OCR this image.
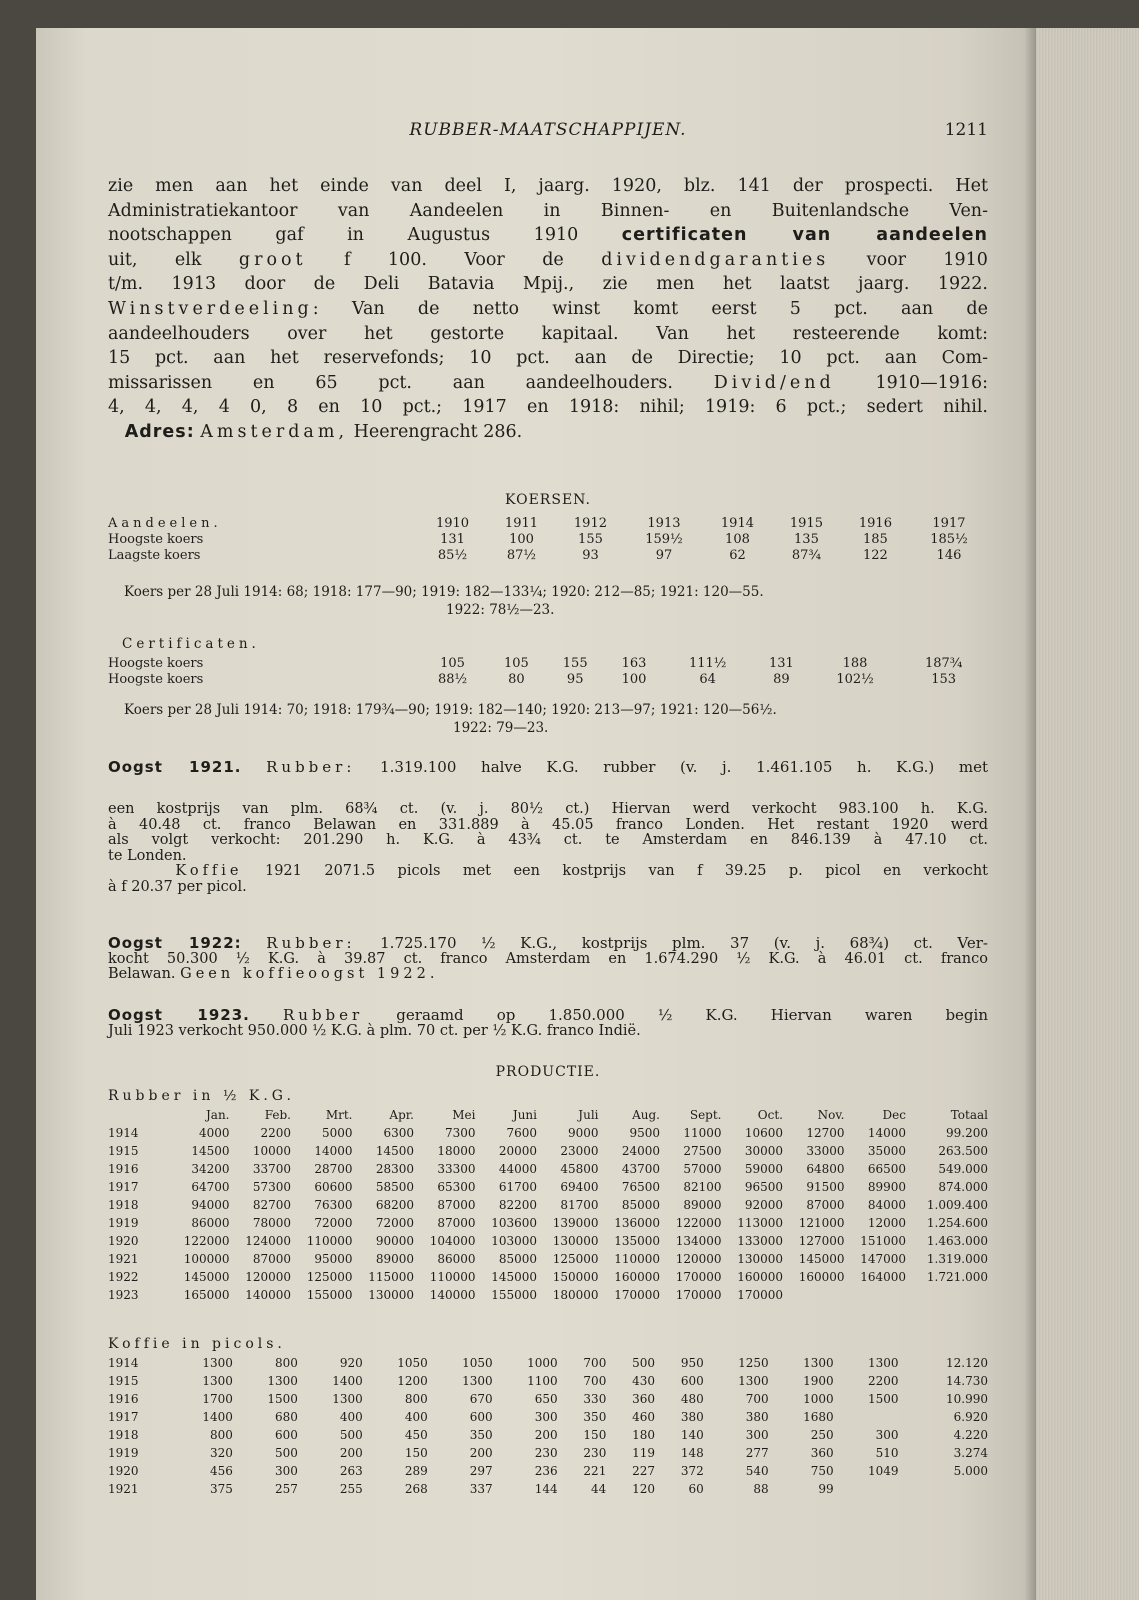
RUBBER-MAATSCHAPPIJEN.	1211
zie men aan het einde van deel I, jaarg. 1920, blz. 141 der prospecti. Het
Administratiekantoor van Aandeelen in Binnen- en Buitenlandsche Ven-
nootschappen gaf in Augustus 1910 certificaten van aandeelen
uit, elk groot f 100. Voor de dividendgaranties voor 1910
t/m. 1913 door de Deli Batavia Mpij., zie men het laatst jaarg. 1922.
Winstverdeeling: Van de netto winst komt eerst 5 pct. aan de
aandeelhouders over het gestorte kapitaal. Van het resteerende komt:
15 pct. aan het reservefonds; 10 pct. aan de Directie; 10 pct. aan Com-
missarissen en 65 pct. aan aandeelhouders. Divid/end 1910—1916:
4, 4, 4, 4 0, 8 en 10 pct.; 1917 en 1918: nihil; 1919: 6 pct.; sedert nihil.
Adres: Amsterdam, Heerengracht 286.
KOERSEN.
Aandeelen.	1910	1911	1912	1913	1914	1915	1916	1917
Hoogste koers	131	100	155	159½	108	135	185	185½
Laagste koers	85½	87½	93	97	62	87¾	122	146
Koers per 28 Juli 1914: 68; 1918: 177—90; 1919: 182—133¼; 1920: 212—85; 1921: 120—55.
1922: 78½—23.
Certificaten.
Hoogste koers	105	105	155	163	111½	131	188	187¾
Hoogste koers	88½	80	95	100	64	89	102½	153
Koers per 28 Juli 1914: 70; 1918: 179¾—90; 1919: 182—140; 1920: 213—97; 1921: 120—56½.
1922: 79—23.
Oogst 1921. Rubber: 1.319.100 halve K.G. rubber (v. j. 1.461.105 h. K.G.) met
een kostprijs van plm. 68¾ ct. (v. j. 80½ ct.) Hiervan werd verkocht 983.100 h. K.G.
à 40.48 ct. franco Belawan en 331.889 à 45.05 franco Londen. Het restant 1920 werd
als volgt verkocht: 201.290 h. K.G. à 43¾ ct. te Amsterdam en 846.139 à 47.10 ct.
te Londen.
Koffie 1921 2071.5 picols met een kostprijs van f 39.25 p. picol en verkocht
à f 20.37 per picol.
Oogst 1922: Rubber: 1.725.170 ½ K.G., kostprijs plm. 37 (v. j. 68¾) ct. Ver-
kocht 50.300 ½ K.G. à 39.87 ct. franco Amsterdam en 1.674.290 ½ K.G. à 46.01 ct. franco
Belawan. Geen koffieoogst 1922.
Oogst 1923. Rubber geraamd op 1.850.000 ½ K.G. Hiervan waren begin
Juli 1923 verkocht 950.000 ½ K.G. à plm. 70 ct. per ½ K.G. franco Indië.
PRODUCTIE.
Rubber in ½ K.G.
	Jan.	Feb.	Mrt.	Apr.	Mei	Juni	Juli	Aug.	Sept.	Oct.	Nov.	Dec	Totaal
1914	4000	2200	5000	6300	7300	7600	9000	9500	11000	10600	12700	14000	99.200
1915	14500	10000	14000	14500	18000	20000	23000	24000	27500	30000	33000	35000	263.500
1916	34200	33700	28700	28300	33300	44000	45800	43700	57000	59000	64800	66500	549.000
1917	64700	57300	60600	58500	65300	61700	69400	76500	82100	96500	91500	89900	874.000
1918	94000	82700	76300	68200	87000	82200	81700	85000	89000	92000	87000	84000	1.009.400
1919	86000	78000	72000	72000	87000	103600	139000	136000	122000	113000	121000	12000	1.254.600
1920	122000	124000	110000	90000	104000	103000	130000	135000	134000	133000	127000	151000	1.463.000
1921	100000	87000	95000	89000	86000	85000	125000	110000	120000	130000	145000	147000	1.319.000
1922	145000	120000	125000	115000	110000	145000	150000	160000	170000	160000	160000	164000	1.721.000
1923	165000	140000	155000	130000	140000	155000	180000	170000	170000	170000			
Koffie in picols.
1914	1300	800	920	1050	1050	1000	700	500	950	1250	1300	1300	12.120
1915	1300	1300	1400	1200	1300	1100	700	430	600	1300	1900	2200	14.730
1916	1700	1500	1300	800	670	650	330	360	480	700	1000	1500	10.990
1917	1400	680	400	400	600	300	350	460	380	380	1680		6.920
1918	800	600	500	450	350	200	150	180	140	300	250	300	4.220
1919	320	500	200	150	200	230	230	119	148	277	360	510	3.274
1920	456	300	263	289	297	236	221	227	372	540	750	1049	5.000
1921	375	257	255	268	337	144	44	120	60	88	99		
